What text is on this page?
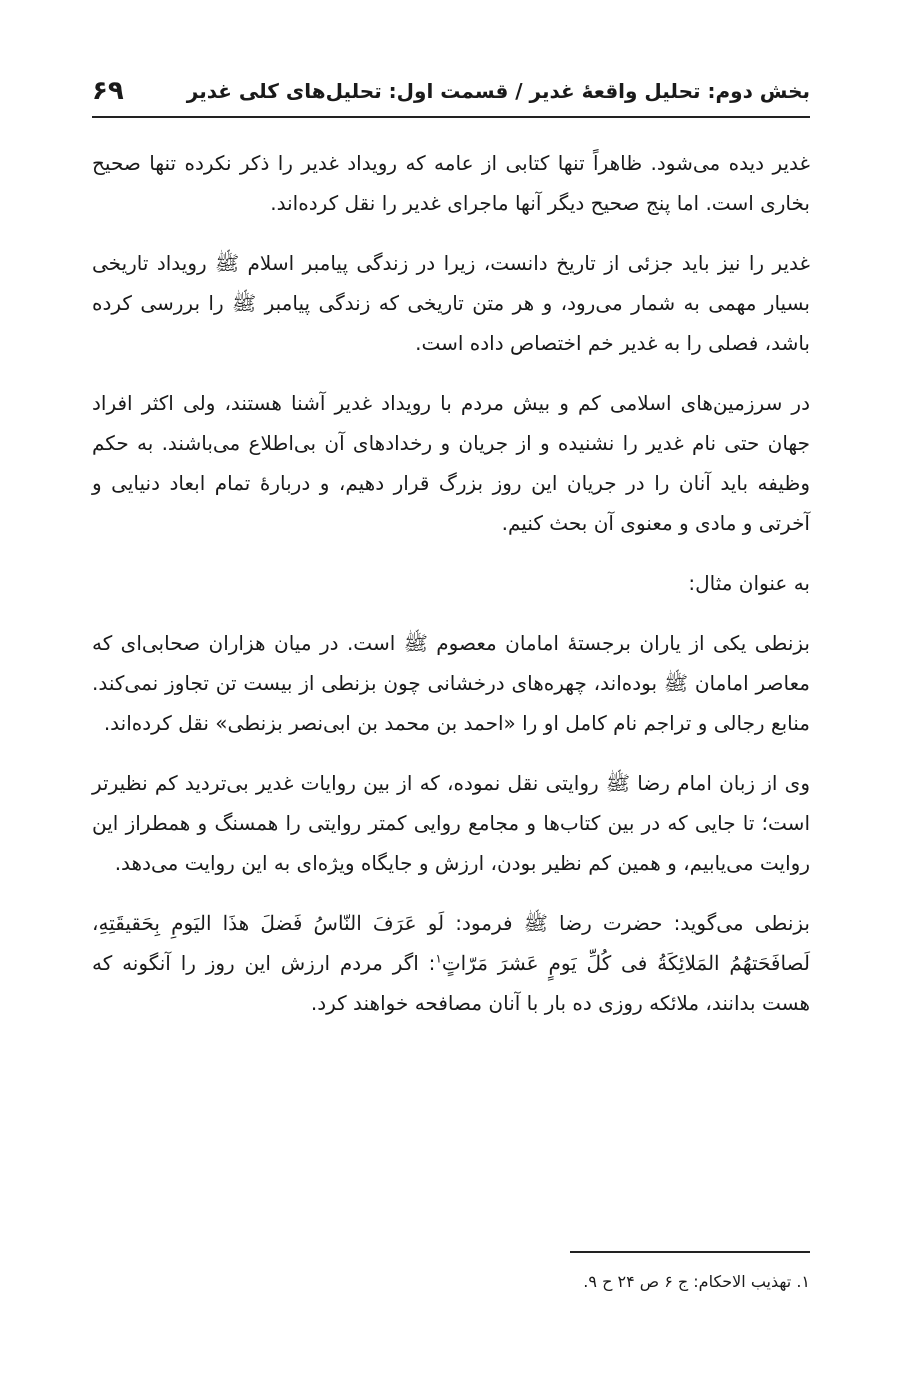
بخش دوم: تحلیل واقعهٔ غدیر / قسمت اول: تحلیل‌های کلی غدیر
۶۹

غدیر دیده می‌شود. ظاهراً تنها کتابی از عامه که رویداد غدیر را ذکر نکرده تنها صحیح بخاری است. اما پنج صحیح دیگر آنها ماجرای غدیر را نقل کرده‌اند.

غدیر را نیز باید جزئی از تاریخ دانست، زیرا در زندگی پیامبر اسلام ﷺ رویداد تاریخی بسیار مهمی به شمار می‌رود، و هر متن تاریخی که زندگی پیامبر ﷺ را بررسی کرده باشد، فصلی را به غدیر خم اختصاص داده است.

در سرزمین‌های اسلامی کم و بیش مردم با رویداد غدیر آشنا هستند، ولی اکثر افراد جهان حتی نام غدیر را نشنیده و از جریان و رخدادهای آن بی‌اطلاع می‌باشند. به حکم وظیفه باید آنان را در جریان این روز بزرگ قرار دهیم، و دربارهٔ تمام ابعاد دنیایی و آخرتی و مادی و معنوی آن بحث کنیم.

به عنوان مثال:

بزنطی یکی از یاران برجستهٔ امامان معصوم ﷺ است. در میان هزاران صحابی‌ای که معاصر امامان ﷺ بوده‌اند، چهره‌های درخشانی چون بزنطی از بیست تن تجاوز نمی‌کند. منابع رجالی و تراجم نام کامل او را «احمد بن محمد بن ابی‌نصر بزنطی» نقل کرده‌اند.

وی از زبان امام رضا ﷺ روایتی نقل نموده، که از بین روایات غدیر بی‌تردید کم نظیرتر است؛ تا جایی که در بین کتاب‌ها و مجامع روایی کمتر روایتی را همسنگ و همطراز این روایت می‌یابیم، و همین کم نظیر بودن، ارزش و جایگاه ویژه‌ای به این روایت می‌دهد.

بزنطی می‌گوید: حضرت رضا ﷺ فرمود: لَو عَرَفَ النّاسُ فَضلَ هذَا الیَومِ بِحَقیقَتِهِ، لَصافَحَتهُمُ المَلائِکَةُ فی کُلِّ یَومٍ عَشرَ مَرّاتٍ$^۱$: اگر مردم ارزش این روز را آنگونه که هست بدانند، ملائکه روزی ده بار با آنان مصافحه خواهند کرد.

۱. تهذیب الاحکام: ج ۶ ص ۲۴ ح ۹.
